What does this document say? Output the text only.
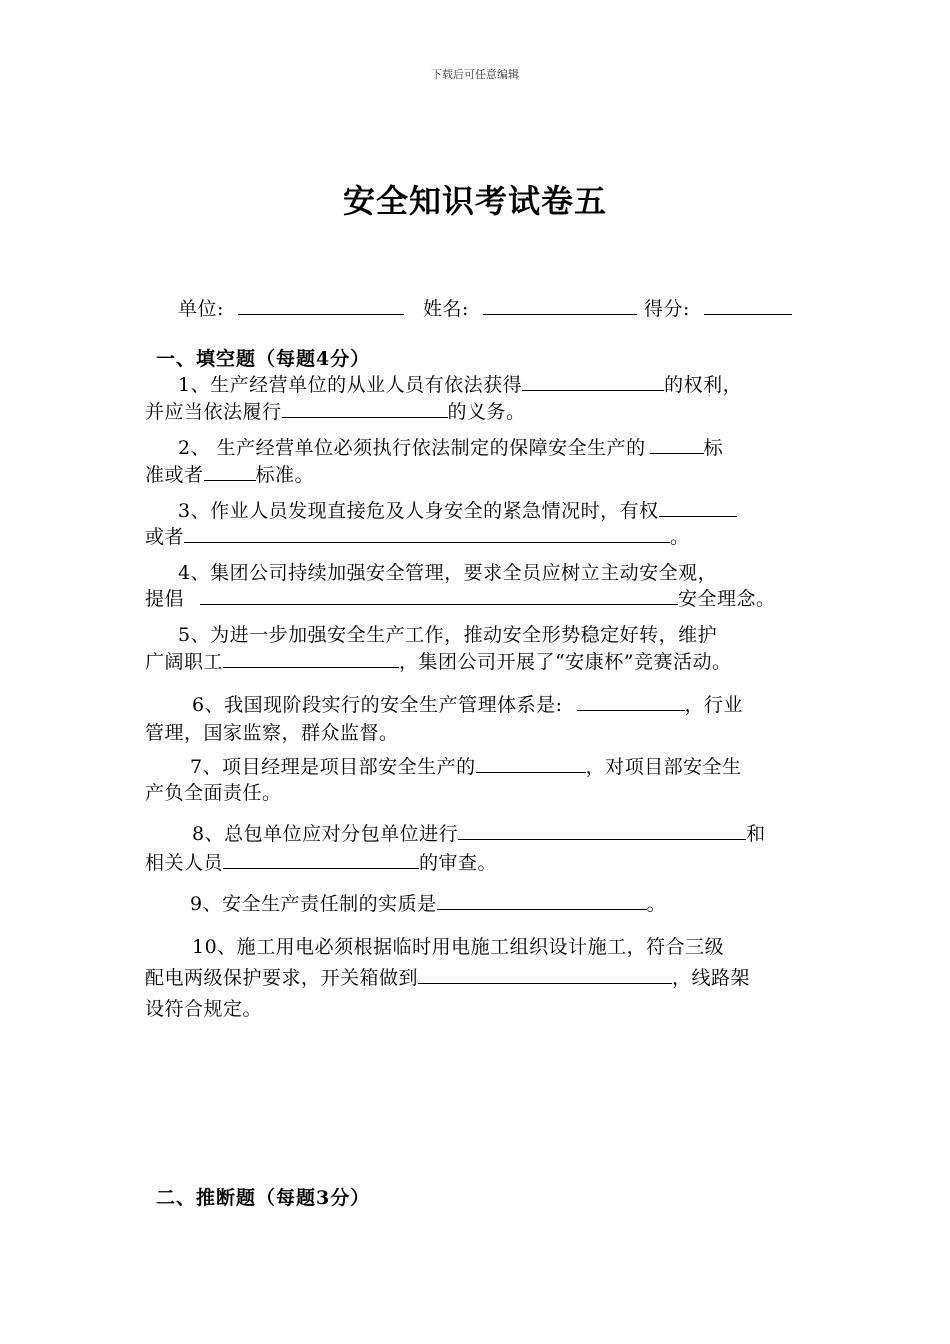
下载后可任意编辑
安全知识考试卷五
单位:	姓名:	得分:
一、填空题（每题4分）
1、生产经营单位的从业人员有依法获得	的权利，
并应当依法履行	的义务。
2、 生产经营单位必须执行依法制定的保障安全生产的	标
准或者	标准。
3、作业人员发现直接危及人身安全的紧急情况时，有权
或者	。
4、集团公司持续加强安全管理，要求全员应树立主动安全观，
提倡	安全理念。
5、为进一步加强安全生产工作，推动安全形势稳定好转，维护
广阔职工	，集团公司开展了“安康杯”竞赛活动。
6、我国现阶段实行的安全生产管理体系是:	，行业
管理，国家监察，群众监督。
7、项目经理是项目部安全生产的	，对项目部安全生
产负全面责任。
8、总包单位应对分包单位进行	和
相关人员	的审查。
9、安全生产责任制的实质是	。
10、施工用电必须根据临时用电施工组织设计施工，符合三级
配电两级保护要求，开关箱做到	，线路架
设符合规定。
二、推断题（每题3分）
